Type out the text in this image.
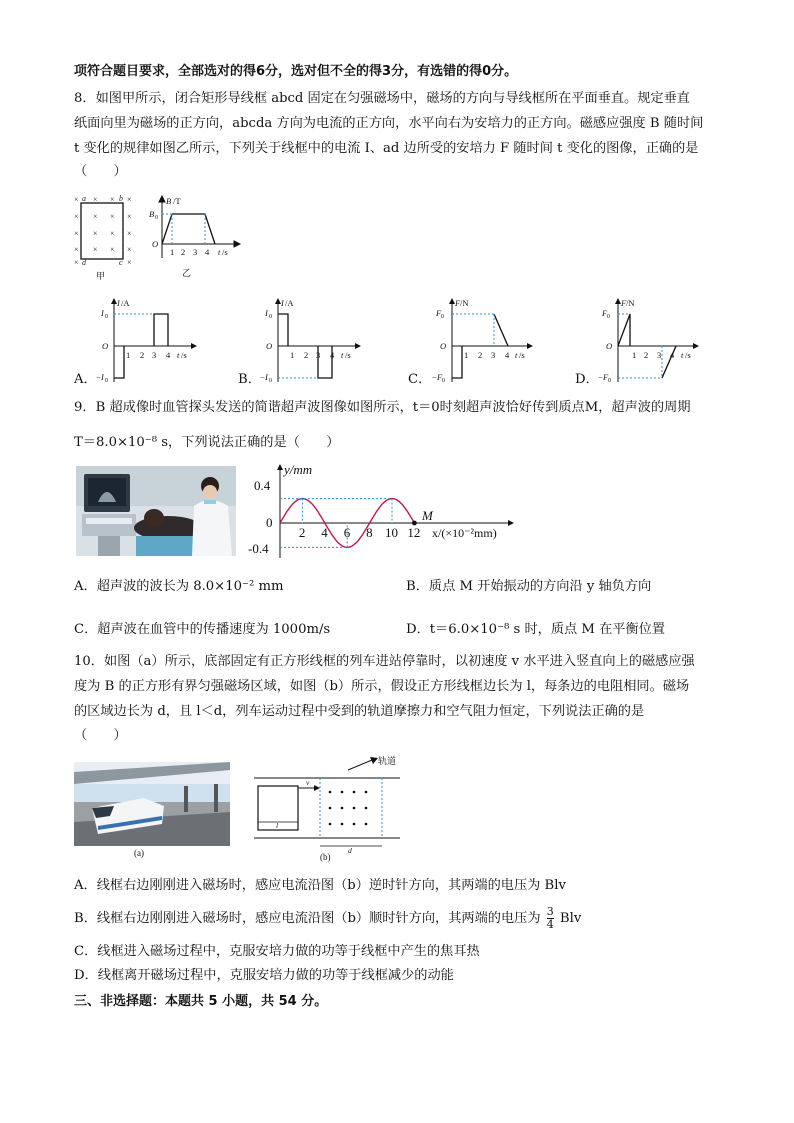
项符合题目要求，全部选对的得6分，选对但不全的得3分，有选错的得0分。
8．如图甲所示，闭合矩形导线框 abcd 固定在匀强磁场中，磁场的方向与导线框所在平面垂直。规定垂直
纸面向里为磁场的正方向，abcda 方向为电流的正方向，水平向右为安培力的正方向。磁感应强度 B 随时间
t 变化的规律如图乙所示，下列关于线框中的电流 I、ad 边所受的安培力 F 随时间 t 变化的图像，正确的是
（　　）
× × × ×
× × × ×
× × × ×
× × × ×
×	×
a	b
d	c
甲
B /T
B 0
O
1 2 3 4 t /s
乙
I /A
I 0
O
1 2 3 4 t /s
− I 0
A．
I /A
I 0
O
1 2 3 4 t /s
− I 0
B．
F /N
F 0
O
1 2 3 4 t /s
− F 0
C．
F /N
F 0
O
1 2 3 4 t /s
− F 0
D．
9．B 超成像时血管探头发送的简谐超声波图像如图所示，t＝0时刻超声波恰好传到质点M，超声波的周期
T＝8.0×10⁻⁸ s，下列说法正确的是（　　）
y/mm
0.4
0
-0.4
2 4 6 8 10 12
M
x/(×10⁻²mm)
A．超声波的波长为 8.0×10⁻² mm	B．质点 M 开始振动的方向沿 y 轴负方向
C．超声波在血管中的传播速度为 1000m/s	D．t＝6.0×10⁻⁸ s 时，质点 M 在平衡位置
10．如图（a）所示，底部固定有正方形线框的列车进站停靠时，以初速度 v 水平进入竖直向上的磁感应强
度为 B 的正方形有界匀强磁场区域，如图（b）所示，假设正方形线框边长为 l，每条边的电阻相同。磁场
的区域边长为 d，且 l＜d，列车运动过程中受到的轨道摩擦力和空气阻力恒定，下列说法正确的是
（　　）
(a)
v
l
d
轨道
(b)
A．线框右边刚刚进入磁场时，感应电流沿图（b）逆时针方向，其两端的电压为 Blv
B．线框右边刚刚进入磁场时，感应电流沿图（b）顺时针方向，其两端的电压为 $\frac{3}{4}$ Blv
C．线框进入磁场过程中，克服安培力做的功等于线框中产生的焦耳热
D．线框离开磁场过程中，克服安培力做的功等于线框减少的动能
三、非选择题：本题共 5 小题，共 54 分。
